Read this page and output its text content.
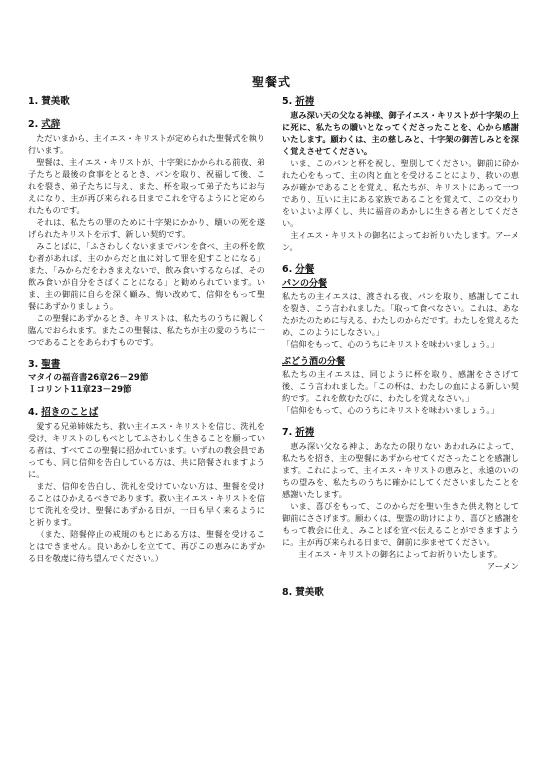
聖餐式
1. 賛美歌
2. 式辞

ただいまから、主イエス・キリストが定められた聖餐式を執り行います。

聖餐は、主イエス・キリストが、十字架にかかられる前夜、弟子たちと最後の食事をとるとき、パンを取り、祝福して後、これを裂き、弟子たちに与え、また、杯を取って弟子たちにお与えになり、主が再び来られる日までこれを守るようにと定められたものです。

それは、私たちの罪のために十字架にかかり、贖いの死を遂げられたキリストを示す、新しい契約です。

みことばに、「ふさわしくないままでパンを食べ、主の杯を飲む者があれば、主のからだと血に対して罪を犯すことになる」また、「みからだをわきまえないで、飲み食いするならば、その飲み食いが自分をさばくことになる」と勧められています。いま、主の御前に自らを深く顧み、悔い改めて、信仰をもって聖餐にあずかりましょう。

この聖餐にあずかるとき、キリストは、私たちのうちに親しく臨んでおられます。またこの聖餐は、私たちが主の愛のうちに一つであることをあらわすものです。

3. 聖書
マタイの福音書26章26－29節
Ｉコリント11章23－29節
4. 招きのことば

愛する兄弟姉妹たち、救い主イエス・キリストを信じ、洗礼を受け、キリストのしもべとしてふさわしく生きることを願っている者は、すべてこの聖餐に招かれています。いずれの教会員であっても、同じ信仰を告白している方は、共に陪餐されますように。

まだ、信仰を告白し、洗礼を受けていない方は、聖餐を受けることはひかえるべきであります。救い主イエス・キリストを信じて洗礼を受け、聖餐にあずかる日が、一日も早く来るようにと祈ります。

（また、陪餐停止の戒規のもとにある方は、聖餐を受けることはできません。良いあかしを立てて、再びこの恵みにあずかる日を敬虔に待ち望んでください。）

5. 祈祷

恵み深い天の父なる神様、御子イエス・キリストが十字架の上に死に、私たちの贖いとなってくださったことを、心から感謝いたします。願わくは、主の慈しみと、十字架の御苦しみとを深く覚えさせてください。

いま、このパンと杯を祝し、聖別してください。御前に砕かれた心をもって、主の肉と血とを受けることにより、救いの恵みが確かであることを覚え、私たちが、キリストにあって一つであり、互いに主にある家族であることを覚えて、この交わりをいよいよ厚くし、共に福音のあかしに生きる者としてください。

主イエス・キリストの御名によってお祈りいたします。アーメン。

6. 分餐
パンの分餐

私たちの主イエスは、渡される夜、パンを取り、感謝してこれを裂き、こう言われました。「取って食べなさい。これは、あなたがたのために与える、わたしのからだです。わたしを覚えるため、このようにしなさい。」

「信仰をもって、心のうちにキリストを味わいましょう。」

ぶどう酒の分餐

私たちの主イエスは、同じように杯を取り、感謝をささげて後、こう言われました。「この杯は、わたしの血による新しい契約です。これを飲むたびに、わたしを覚えなさい。」

「信仰をもって、心のうちにキリストを味わいましょう。」

7. 祈祷

恵み深い父なる神よ、あなたの限りない あわれみによって、私たちを招き、主の聖餐にあずからせてくださったことを感謝します。これによって、主イエス・キリストの恵みと、永遠のいのちの望みを、私たちのうちに確かにしてくださいましたことを感謝いたします。

いま、喜びをもって、このからだを聖い生きた供え物として御前にささげます。願わくは、聖霊の助けにより、喜びと感謝をもって教会に仕え、みことばを宣べ伝えることができますように。主が再び来られる日まで、御前に歩ませてください。

主イエス・キリストの御名によってお祈りいたします。

アーメン

8. 賛美歌
